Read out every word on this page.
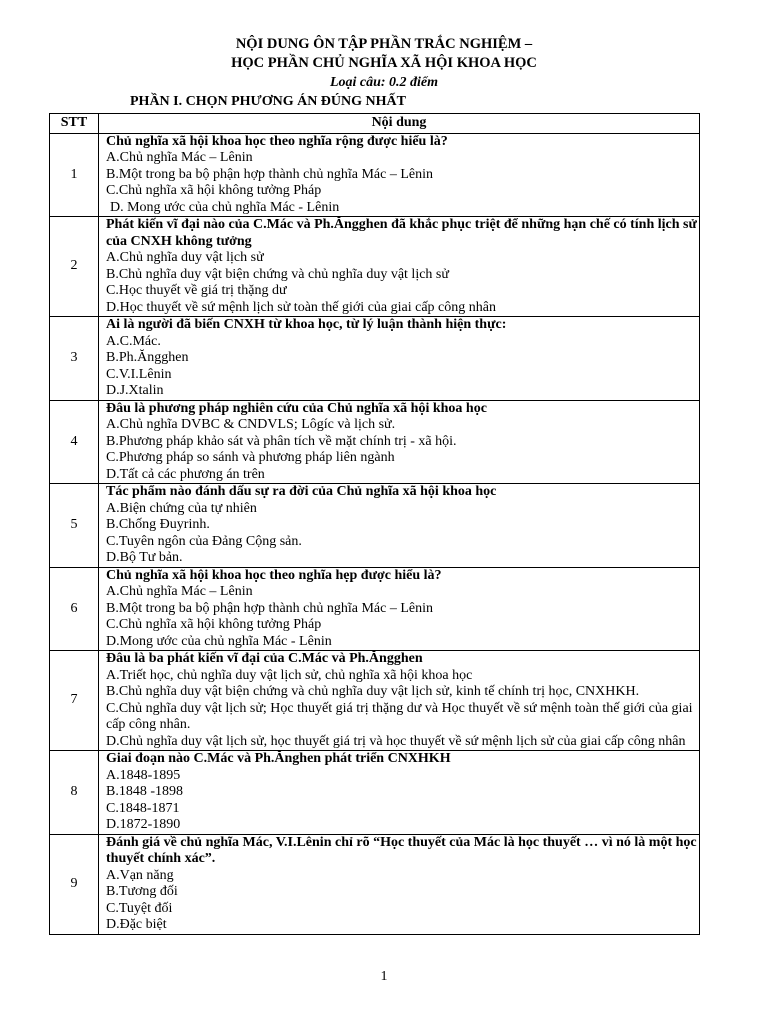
NỘI DUNG ÔN TẬP PHẦN TRẮC NGHIỆM –
HỌC PHẦN CHỦ NGHĨA XÃ HỘI KHOA HỌC
Loại câu: 0.2 điểm
PHẦN I. CHỌN PHƯƠNG ÁN ĐÚNG NHẤT
STT	Nội dung
1	Chủ nghĩa xã hội khoa học theo nghĩa rộng được hiểu là?
A.Chủ nghĩa Mác – Lênin
B.Một trong ba bộ phận hợp thành chủ nghĩa Mác – Lênin
C.Chủ nghĩa xã hội không tưởng Pháp
D. Mong ước của chủ nghĩa Mác - Lênin

2	Phát kiến vĩ đại nào của C.Mác và Ph.Ăngghen đã khắc phục triệt để những hạn chế có tính lịch sử của CNXH không tưởng
A.Chủ nghĩa duy vật lịch sử
B.Chủ nghĩa duy vật biện chứng và chủ nghĩa duy vật lịch sử
C.Học thuyết về giá trị thặng dư
D.Học thuyết về sứ mệnh lịch sử toàn thế giới của giai cấp công nhân

3	Ai là người đã biến CNXH từ khoa học, từ lý luận thành hiện thực:
A.C.Mác.
B.Ph.Ăngghen
C.V.I.Lênin
D.J.Xtalin

4	Đâu là phương pháp nghiên cứu của Chủ nghĩa xã hội khoa học
A.Chủ nghĩa DVBC & CNDVLS; Lôgíc và lịch sử.
B.Phương pháp khảo sát và phân tích về mặt chính trị - xã hội.
C.Phương pháp so sánh và phương pháp liên ngành
D.Tất cả các phương án trên

5	Tác phẩm nào đánh dấu sự ra đời của Chủ nghĩa xã hội khoa học
A.Biện chứng của tự nhiên
B.Chống Đuyrinh.
C.Tuyên ngôn của Đảng Cộng sản.
D.Bộ Tư bản.

6	Chủ nghĩa xã hội khoa học theo nghĩa hẹp được hiểu là?
A.Chủ nghĩa Mác – Lênin
B.Một trong ba bộ phận hợp thành chủ nghĩa Mác – Lênin
C.Chủ nghĩa xã hội không tưởng Pháp
D.Mong ước của chủ nghĩa Mác - Lênin

7	Đâu là ba phát kiến vĩ đại của C.Mác và Ph.Ăngghen
A.Triết học, chủ nghĩa duy vật lịch sử, chủ nghĩa xã hội khoa học
B.Chủ nghĩa duy vật biện chứng và chủ nghĩa duy vật lịch sử, kinh tế chính trị học, CNXHKH.
C.Chủ nghĩa duy vật lịch sử; Học thuyết giá trị thặng dư và Học thuyết về sứ mệnh toàn thế giới của giai cấp công nhân.
D.Chủ nghĩa duy vật lịch sử, học thuyết giá trị và học thuyết về sứ mệnh lịch sử của giai cấp công nhân

8	Giai đoạn nào C.Mác và Ph.Ănghen phát triển CNXHKH
A.1848-1895
B.1848 -1898
C.1848-1871
D.1872-1890

9	Đánh giá về chủ nghĩa Mác, V.I.Lênin chỉ rõ “Học thuyết của Mác là học thuyết … vì nó là một học thuyết chính xác”.
A.Vạn năng
B.Tương đối
C.Tuyệt đối
D.Đặc biệt
1
